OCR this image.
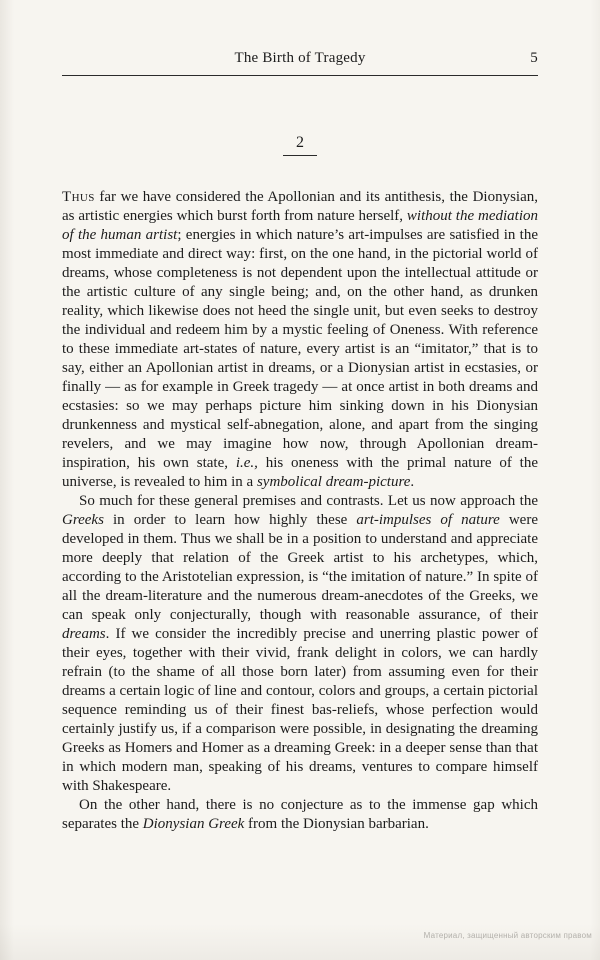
The Birth of Tragedy	5
2

Thus far we have considered the Apollonian and its antithesis, the Dionysian, as artistic energies which burst forth from nature herself, without the mediation of the human artist; energies in which nature’s art-impulses are satisfied in the most immediate and direct way: first, on the one hand, in the pictorial world of dreams, whose completeness is not dependent upon the intellectual attitude or the artistic culture of any single being; and, on the other hand, as drunken reality, which likewise does not heed the single unit, but even seeks to destroy the individual and redeem him by a mystic feeling of Oneness. With reference to these immediate art-states of nature, every artist is an “imitator,” that is to say, either an Apollonian artist in dreams, or a Dionysian artist in ecstasies, or finally — as for example in Greek tragedy — at once artist in both dreams and ecstasies: so we may perhaps picture him sinking down in his Dionysian drunkenness and mystical self-abnegation, alone, and apart from the singing revelers, and we may imagine how now, through Apollonian dream-inspiration, his own state, i.e., his oneness with the primal nature of the universe, is revealed to him in a symbolical dream-picture.

So much for these general premises and contrasts. Let us now approach the Greeks in order to learn how highly these art-impulses of nature were developed in them. Thus we shall be in a position to understand and appreciate more deeply that relation of the Greek artist to his archetypes, which, according to the Aristotelian expression, is “the imitation of nature.” In spite of all the dream-literature and the numerous dream-anecdotes of the Greeks, we can speak only conjecturally, though with reasonable assurance, of their dreams. If we consider the incredibly precise and unerring plastic power of their eyes, together with their vivid, frank delight in colors, we can hardly refrain (to the shame of all those born later) from assuming even for their dreams a certain logic of line and contour, colors and groups, a certain pictorial sequence reminding us of their finest bas-reliefs, whose perfection would certainly justify us, if a comparison were possible, in designating the dreaming Greeks as Homers and Homer as a dreaming Greek: in a deeper sense than that in which modern man, speaking of his dreams, ventures to compare himself with Shakespeare.

On the other hand, there is no conjecture as to the immense gap which separates the Dionysian Greek from the Dionysian barbarian.

Материал, защищенный авторским правом
